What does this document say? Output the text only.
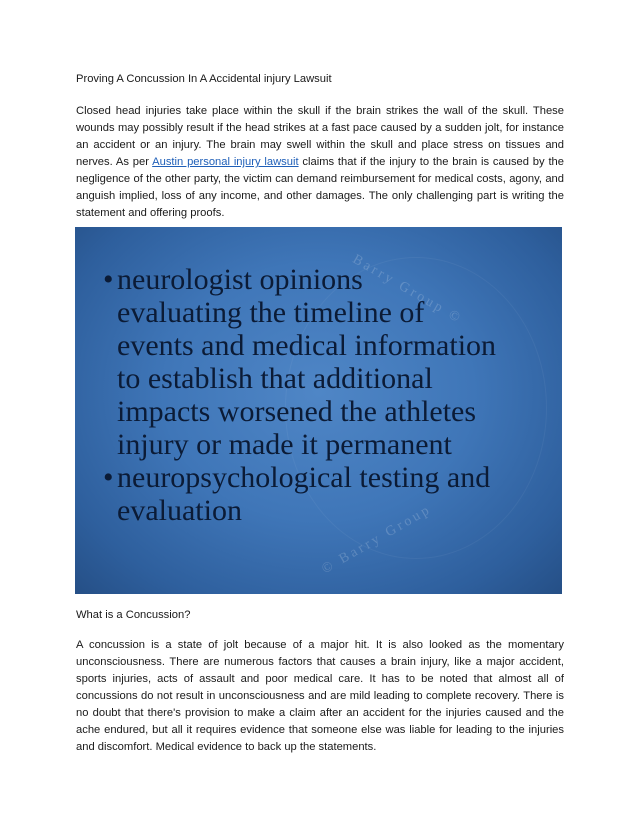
Proving A Concussion In A Accidental injury Lawsuit

Closed head injuries take place within the skull if the brain strikes the wall of the skull. These wounds may possibly result if the head strikes at a fast pace caused by a sudden jolt, for instance an accident or an injury. The brain may swell within the skull and place stress on tissues and nerves. As per Austin personal injury lawsuit claims that if the injury to the brain is caused by the negligence of the other party, the victim can demand reimbursement for medical costs, agony, and anguish implied, loss of any income, and other damages. The only challenging part is writing the statement and offering proofs.

What is a Concussion?

A concussion is a state of jolt because of a major hit. It is also looked as the momentary unconsciousness. There are numerous factors that causes a brain injury, like a major accident, sports injuries, acts of assault and poor medical care. It has to be noted that almost all of concussions do not result in unconsciousness and are mild leading to complete recovery. There is no doubt that there's provision to make a claim after an accident for the injuries caused and the ache endured, but all it requires evidence that someone else was liable for leading to the injuries and discomfort. Medical evidence to back up the statements.

Barry Group ©
© Barry Group
• neurologist opinions
evaluating the timeline of
events and medical information
to establish that additional
impacts worsened the athletes
injury or made it permanent
• neuropsychological testing and
evaluation
